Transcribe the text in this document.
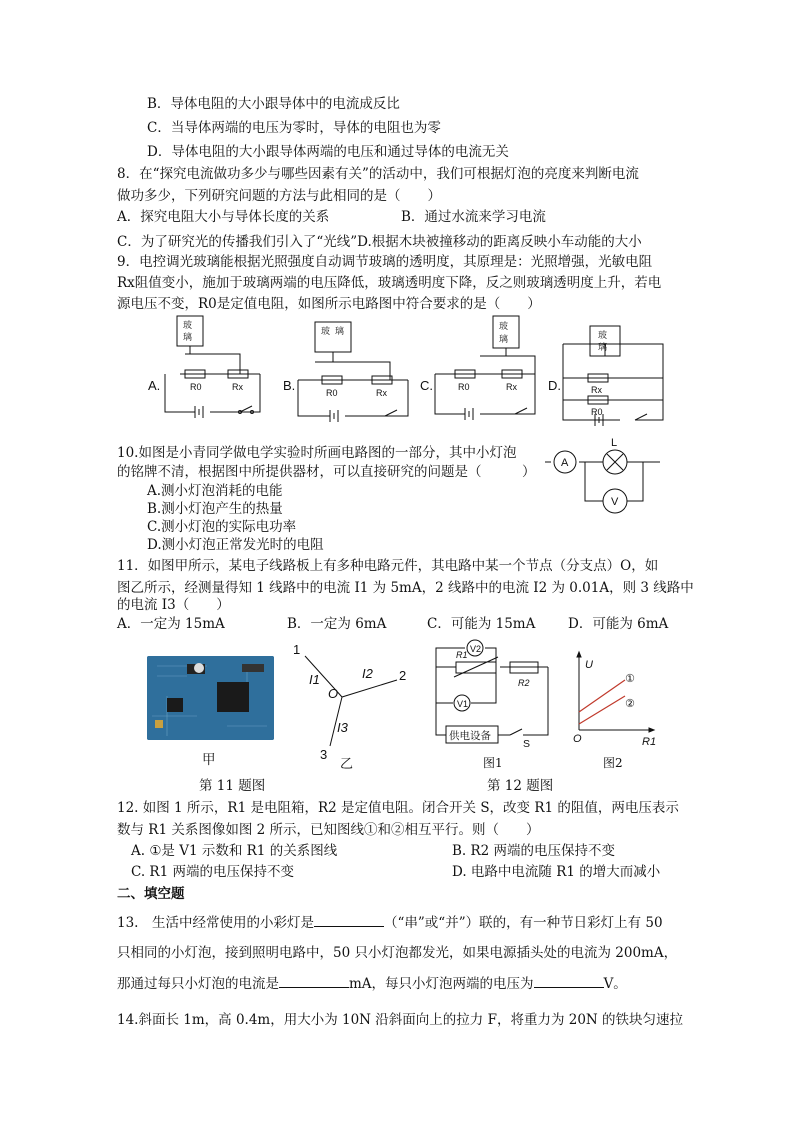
B．导体电阻的大小跟导体中的电流成反比
C．当导体两端的电压为零时，导体的电阻也为零
D．导体电阻的大小跟导体两端的电压和通过导体的电流无关
8．在“探究电流做功多少与哪些因素有关”的活动中，我们可根据灯泡的亮度来判断电流
做功多少，下列研究问题的方法与此相同的是（　　）
A．探究电阻大小与导体长度的关系	B．通过水流来学习电流
C．为了研究光的传播我们引入了“光线”D.根据木块被撞移动的距离反映小车动能的大小
9．电控调光玻璃能根据光照强度自动调节玻璃的透明度，其原理是：光照增强，光敏电阻
Rx阻值变小，施加于玻璃两端的电压降低，玻璃透明度下降，反之则玻璃透明度上升，若电
源电压不变，R0是定值电阻，如图所示电路图中符合要求的是（　　）
玻
璃
玻 璃	玻
璃	玻
璃
R0	Rx
R0	Rx
R0	Rx	Rx
R0
A.	B.	C.	D.
10.如图是小青同学做电学实验时所画电路图的一部分，其中小灯泡
的铭牌不清，根据图中所提供器材，可以直接研究的问题是（　　　）
A.测小灯泡消耗的电能
B.测小灯泡产生的热量
C.测小灯泡的实际电功率
D.测小灯泡正常发光时的电阻
A
L
V
11．如图甲所示，某电子线路板上有多种电路元件，其电路中某一个节点（分支点）O，如
图乙所示，经测量得知 1 线路中的电流 I1 为 5mA，2 线路中的电流 I2 为 0.01A，则 3 线路中
的电流 I3（　　）
A．一定为 15mA	B．一定为 6mA	C．可能为 15mA D．可能为 6mA
甲
1
2
3
O
I1	I2
I3
乙
V2
V1
R1
R2
供电设备
S
图1
U
①
②
O	R1
图2
第 11 题图	第 12 题图
12. 如图 1 所示，R1 是电阻箱，R2 是定值电阻。闭合开关 S，改变 R1 的阻值，两电压表示
数与 R1 关系图像如图 2 所示，已知图线①和②相互平行。则（　　）
A. ①是 V1 示数和 R1 的关系图线	B. R2 两端的电压保持不变
C. R1 两端的电压保持不变	D. 电路中电流随 R1 的增大而减小
二、填空题
13.　生活中经常使用的小彩灯是	（“串”或“并”）联的，有一种节日彩灯上有 50
只相同的小灯泡，接到照明电路中，50 只小灯泡都发光，如果电源插头处的电流为 200mA，
那通过每只小灯泡的电流是	mA，每只小灯泡两端的电压为	V。
14.斜面长 1m，高 0.4m，用大小为 10N 沿斜面向上的拉力 F，将重力为 20N 的铁块匀速拉
